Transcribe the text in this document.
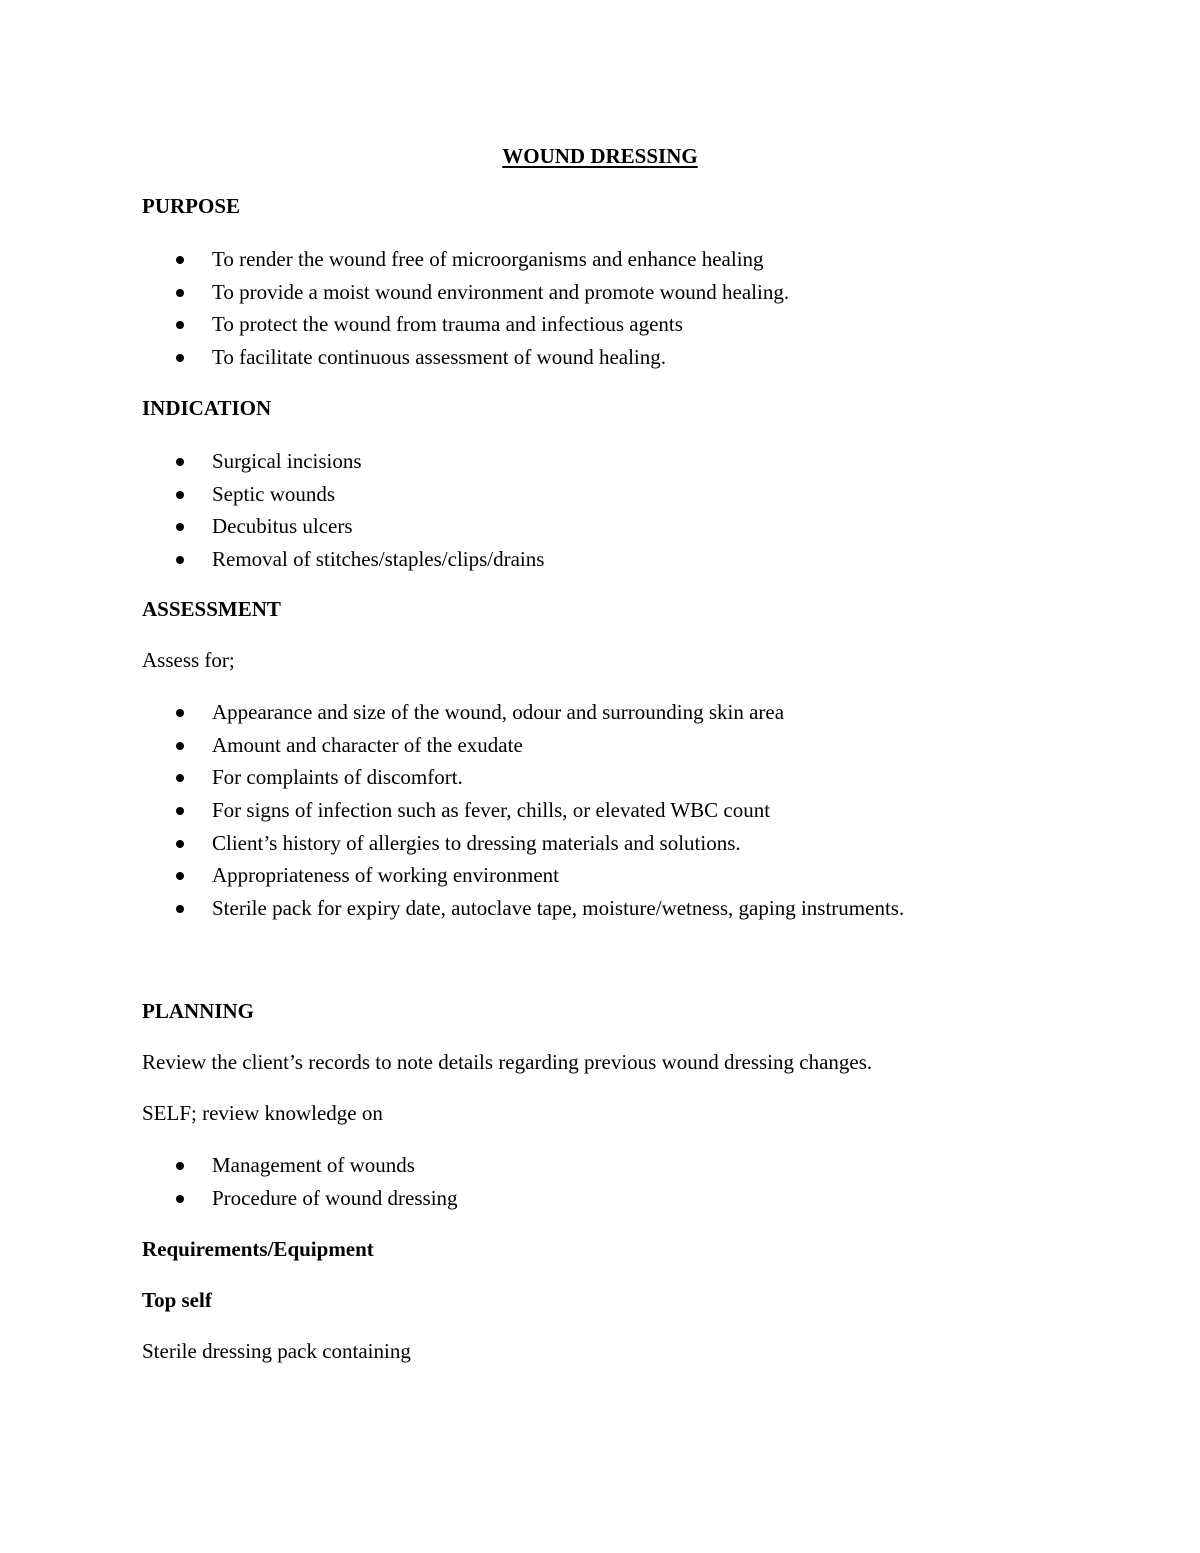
WOUND DRESSING
PURPOSE
To render the wound free of microorganisms and enhance healing
To provide a moist wound environment and promote wound healing.
To protect the wound from trauma and infectious agents
To facilitate continuous assessment of wound healing.
INDICATION
Surgical incisions
Septic wounds
Decubitus ulcers
Removal of stitches/staples/clips/drains
ASSESSMENT
Assess for;
Appearance and size of the wound, odour and surrounding skin area
Amount and character of the exudate
For complaints of discomfort.
For signs of infection such as fever, chills, or elevated WBC count
Client’s history of allergies to dressing materials and solutions.
Appropriateness of working environment
Sterile pack for expiry date, autoclave tape, moisture/wetness, gaping instruments.
PLANNING
Review the client’s records to note details regarding previous wound dressing changes.
SELF; review knowledge on
Management of wounds
Procedure of wound dressing
Requirements/Equipment
Top self
Sterile dressing pack containing
